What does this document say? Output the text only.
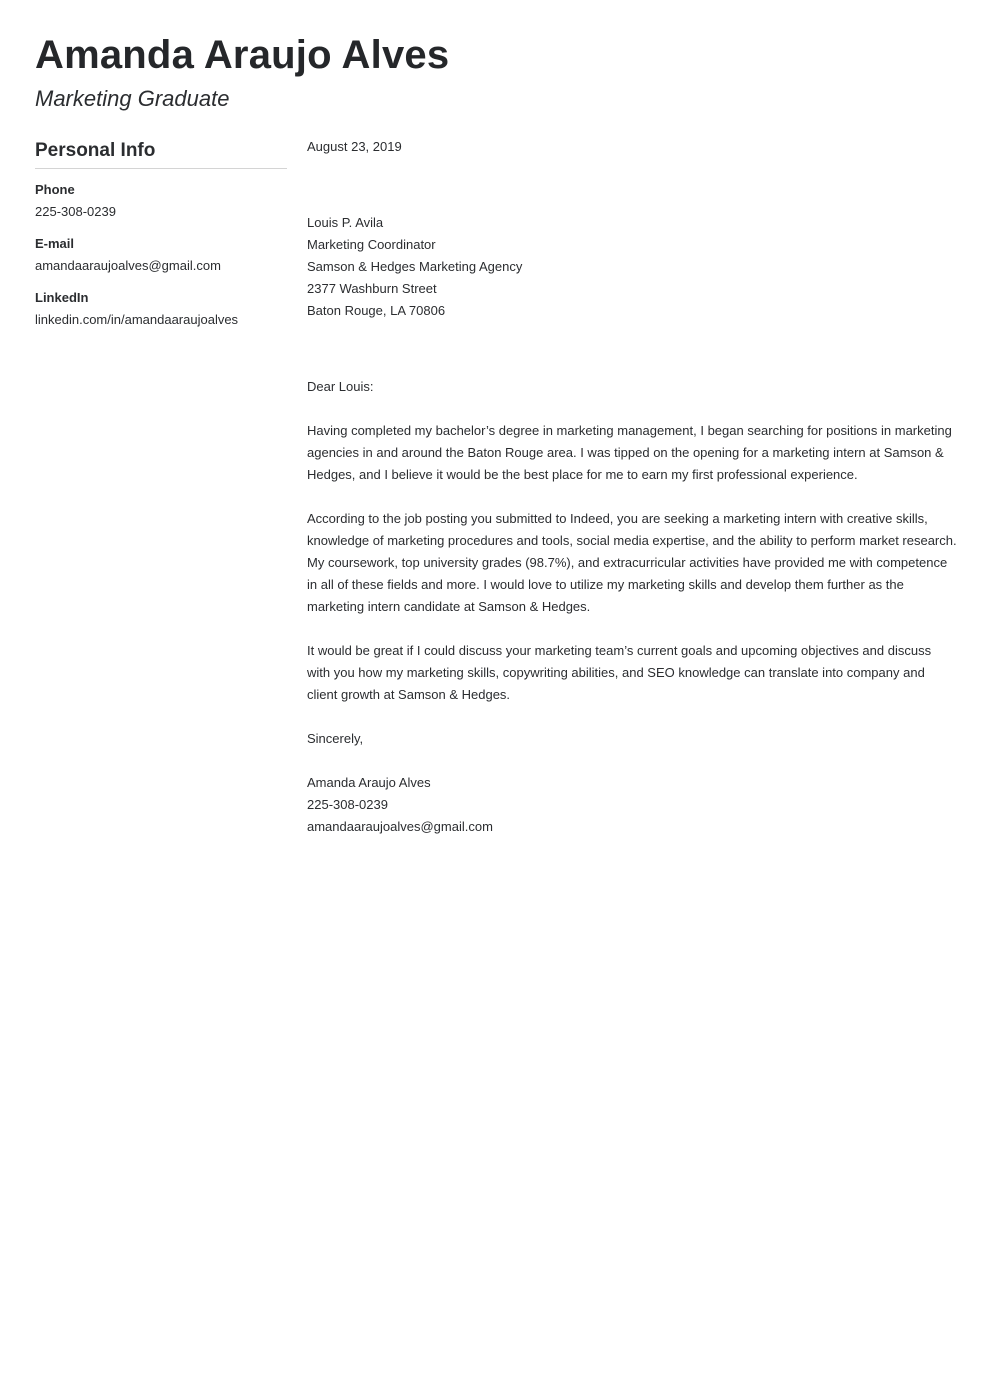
Amanda Araujo Alves
Marketing Graduate
Personal Info
Phone
225-308-0239
E-mail
amandaaraujoalves@gmail.com
LinkedIn
linkedin.com/in/amandaaraujoalves
August 23, 2019
Louis P. Avila
Marketing Coordinator
Samson & Hedges Marketing Agency
2377 Washburn Street
Baton Rouge, LA 70806
Dear Louis:

Having completed my bachelor’s degree in marketing management, I began searching for positions in marketing agencies in and around the Baton Rouge area. I was tipped on the opening for a marketing intern at Samson & Hedges, and I believe it would be the best place for me to earn my first professional experience.

According to the job posting you submitted to Indeed, you are seeking a marketing intern with creative skills, knowledge of marketing procedures and tools, social media expertise, and the ability to perform market research. My coursework, top university grades (98.7%), and extracurricular activities have provided me with competence in all of these fields and more. I would love to utilize my marketing skills and develop them further as the marketing intern candidate at Samson & Hedges.

It would be great if I could discuss your marketing team’s current goals and upcoming objectives and discuss with you how my marketing skills, copywriting abilities, and SEO knowledge can translate into company and client growth at Samson & Hedges.

Sincerely,
Amanda Araujo Alves
225-308-0239
amandaaraujoalves@gmail.com
